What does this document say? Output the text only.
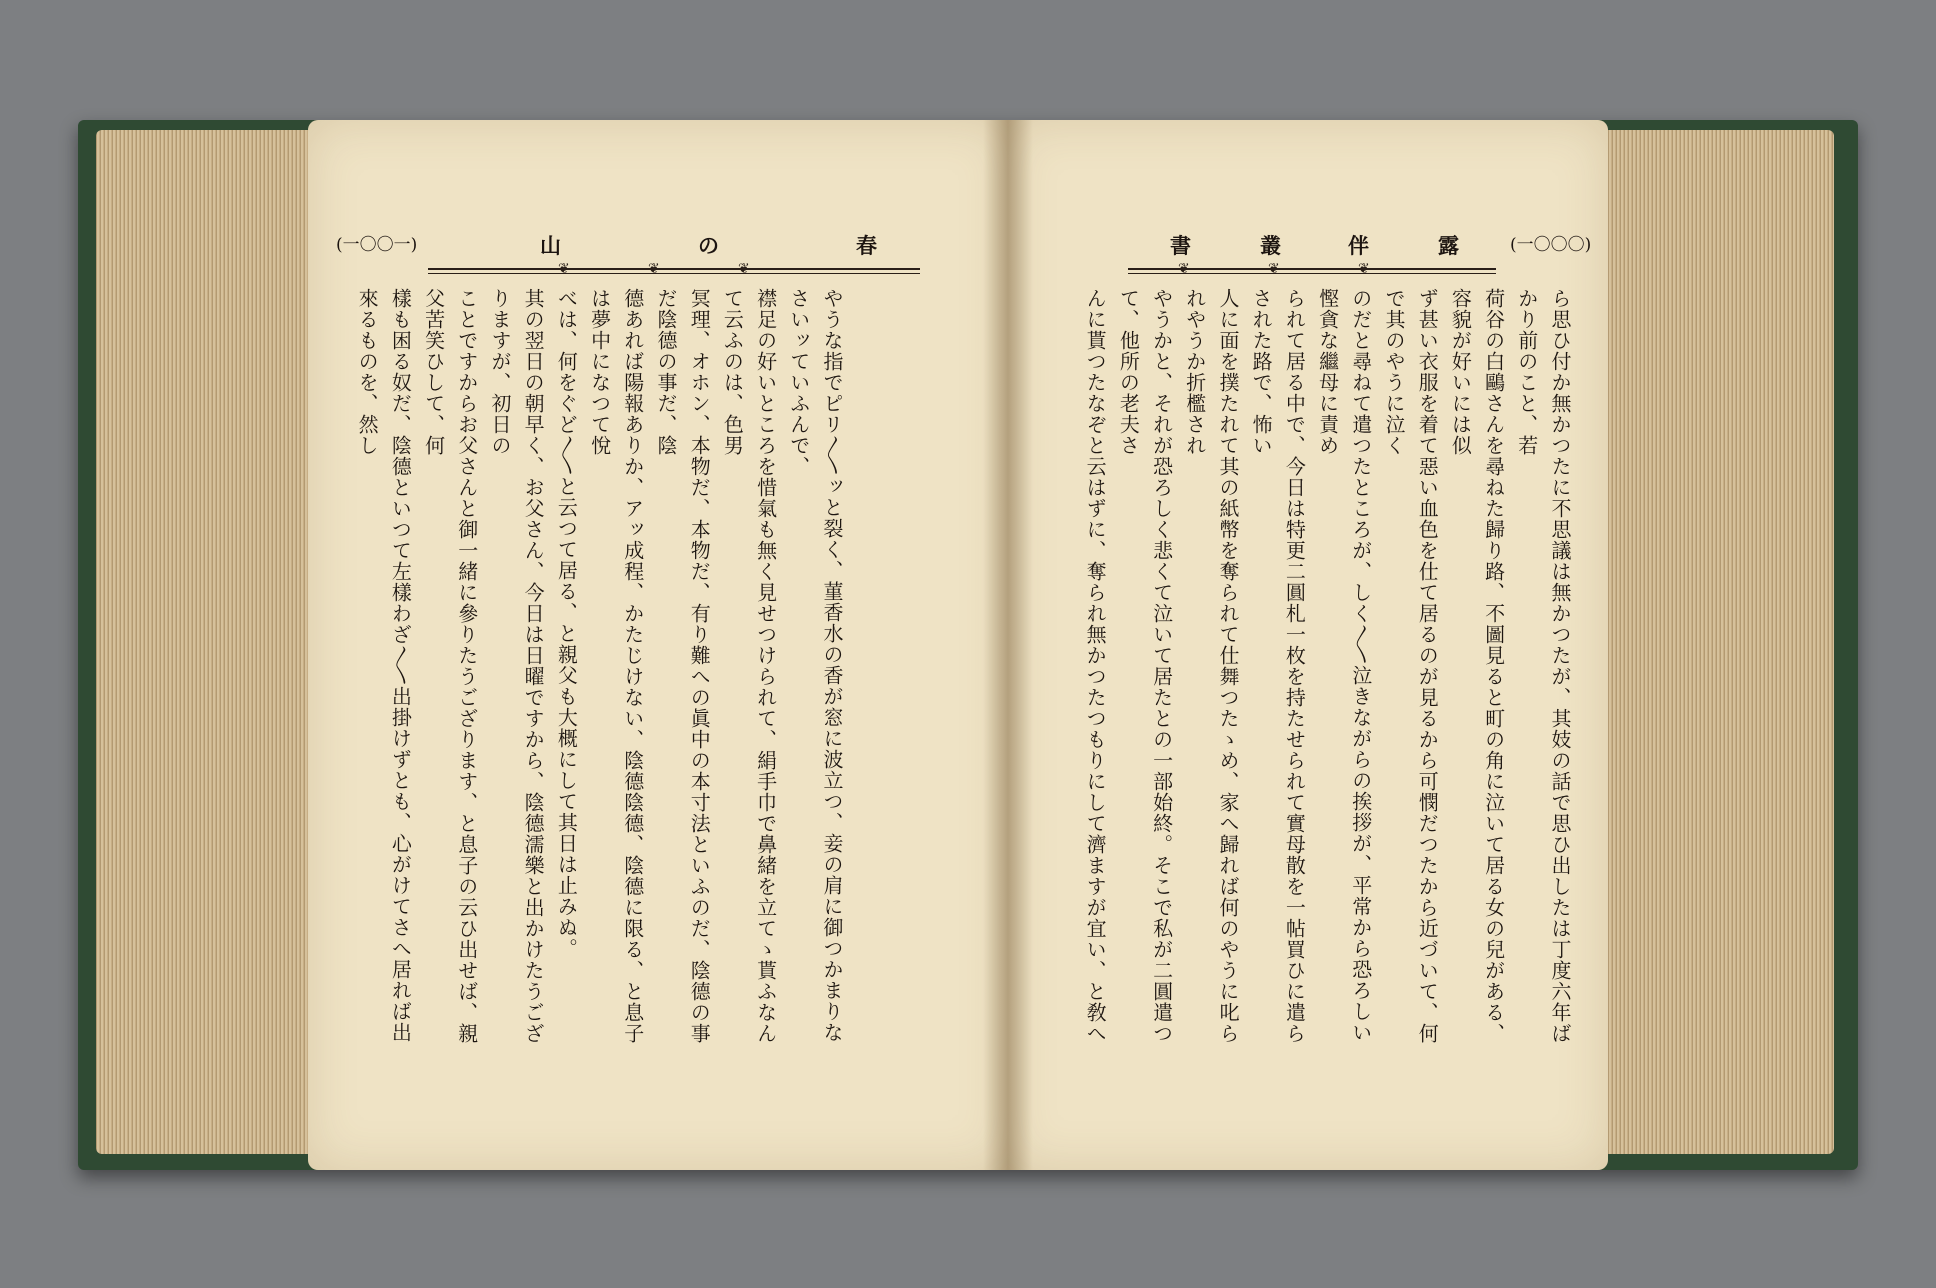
(一〇〇一)	山	の	春
❦	❦	❦

やうな指でピリ〳〵ッと裂く、菫香水の香が窓に波立つ、妾の肩に御つかまりなさいッていふんで、

襟足の好いところを惜氣も無く見せつけられて、絹手巾で鼻緒を立てゝ貰ふなんて云ふのは、色男

冥理、オホン、本物だ、本物だ、有り難への眞中の本寸法といふのだ、陰德の事だ陰德の事だ、陰

德あれば陽報ありか、アッ成程、かたじけない、陰德陰德、陰德に限る、と息子は夢中になつて悅

べは、何をぐど〳〵と云つて居る、と親父も大概にして其日は止みぬ。

其の翌日の朝早く、お父さん、今日は日曜ですから、陰德濡樂と出かけたうござりますが、初日の

ことですからお父さんと御一緒に參りたうござります、と息子の云ひ出せば、親父苦笑ひして、何

樣も困る奴だ、陰德といつて左樣わざ〳〵出掛けずとも、心がけてさへ居れば出來るものを、然し

書	叢	伴	露	(一〇〇〇)
❦	❦	❦

ら思ひ付か無かつたに不思議は無かつたが、其妓の話で思ひ出したは丁度六年ばかり前のこと、若

荷谷の白鷗さんを尋ねた歸り路、不圖見ると町の角に泣いて居る女の兒がある、容貌が好いには似

ず甚い衣服を着て惡い血色を仕て居るのが見るから可憫だつたから近づいて、何で其のやうに泣く

のだと尋ねて遣つたところが、しく〳〵泣きながらの挨拶が、平常から恐ろしい慳貪な繼母に責め

られて居る中で、今日は特更二圓札一枚を持たせられて實母散を一帖買ひに遣らされた路で、怖い

人に面を撲たれて其の紙幣を奪られて仕舞つたゝめ、家へ歸れば何のやうに叱られやうか折檻され

やうかと、それが恐ろしく悲くて泣いて居たとの一部始終。そこで私が二圓遣つて、他所の老夫さ

んに貰つたなぞと云はずに、奪られ無かつたつもりにして濟ますが宜い、と敎へ
